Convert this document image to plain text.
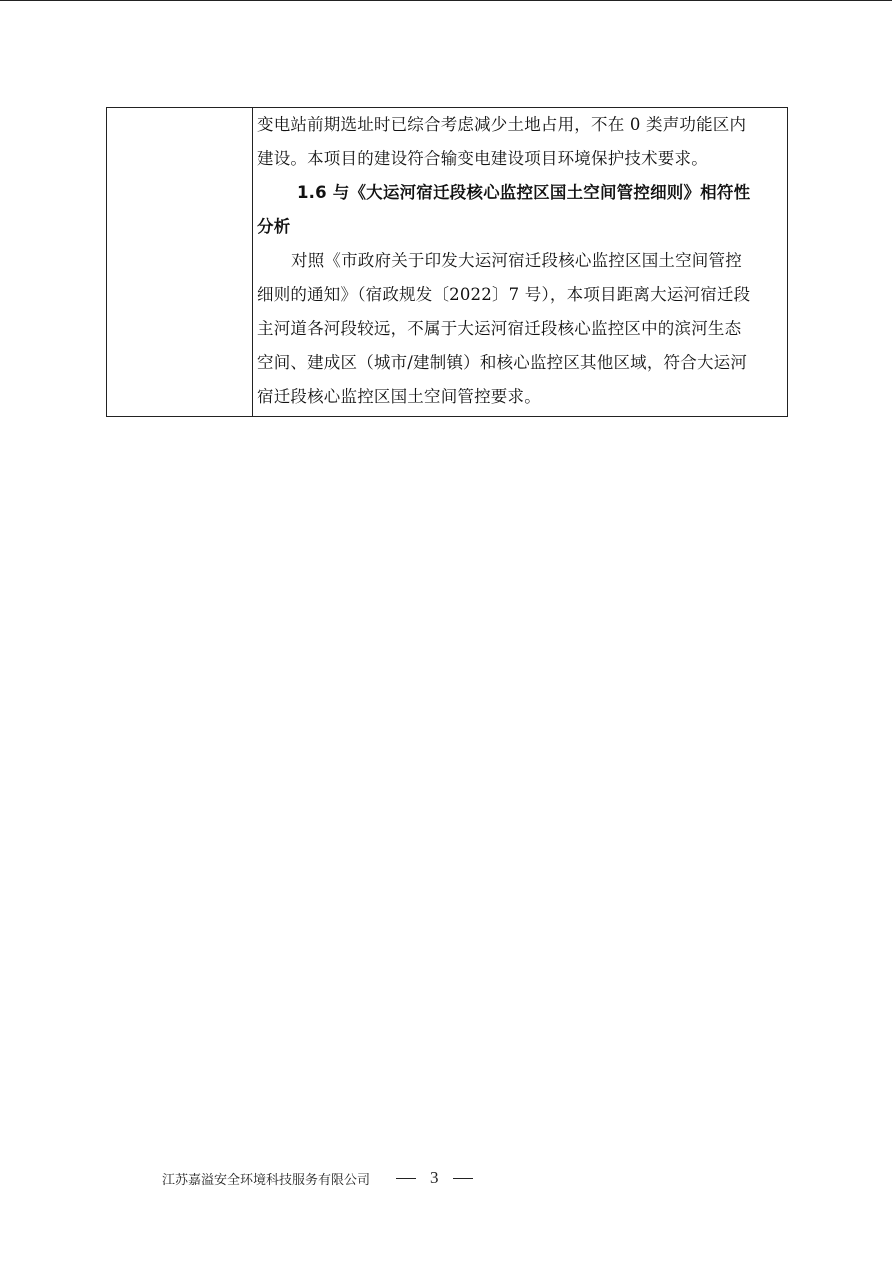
变电站前期选址时已综合考虑减少土地占用，不在 0 类声功能区内
建设。本项目的建设符合输变电建设项目环境保护技术要求。
1.6 与《大运河宿迁段核心监控区国土空间管控细则》相符性
分析
对照《市政府关于印发大运河宿迁段核心监控区国土空间管控
细则的通知》（宿政规发〔2022〕7 号），本项目距离大运河宿迁段
主河道各河段较远，不属于大运河宿迁段核心监控区中的滨河生态
空间、建成区（城市/建制镇）和核心监控区其他区域，符合大运河
宿迁段核心监控区国土空间管控要求。
江苏嘉溢安全环境科技服务有限公司	3
